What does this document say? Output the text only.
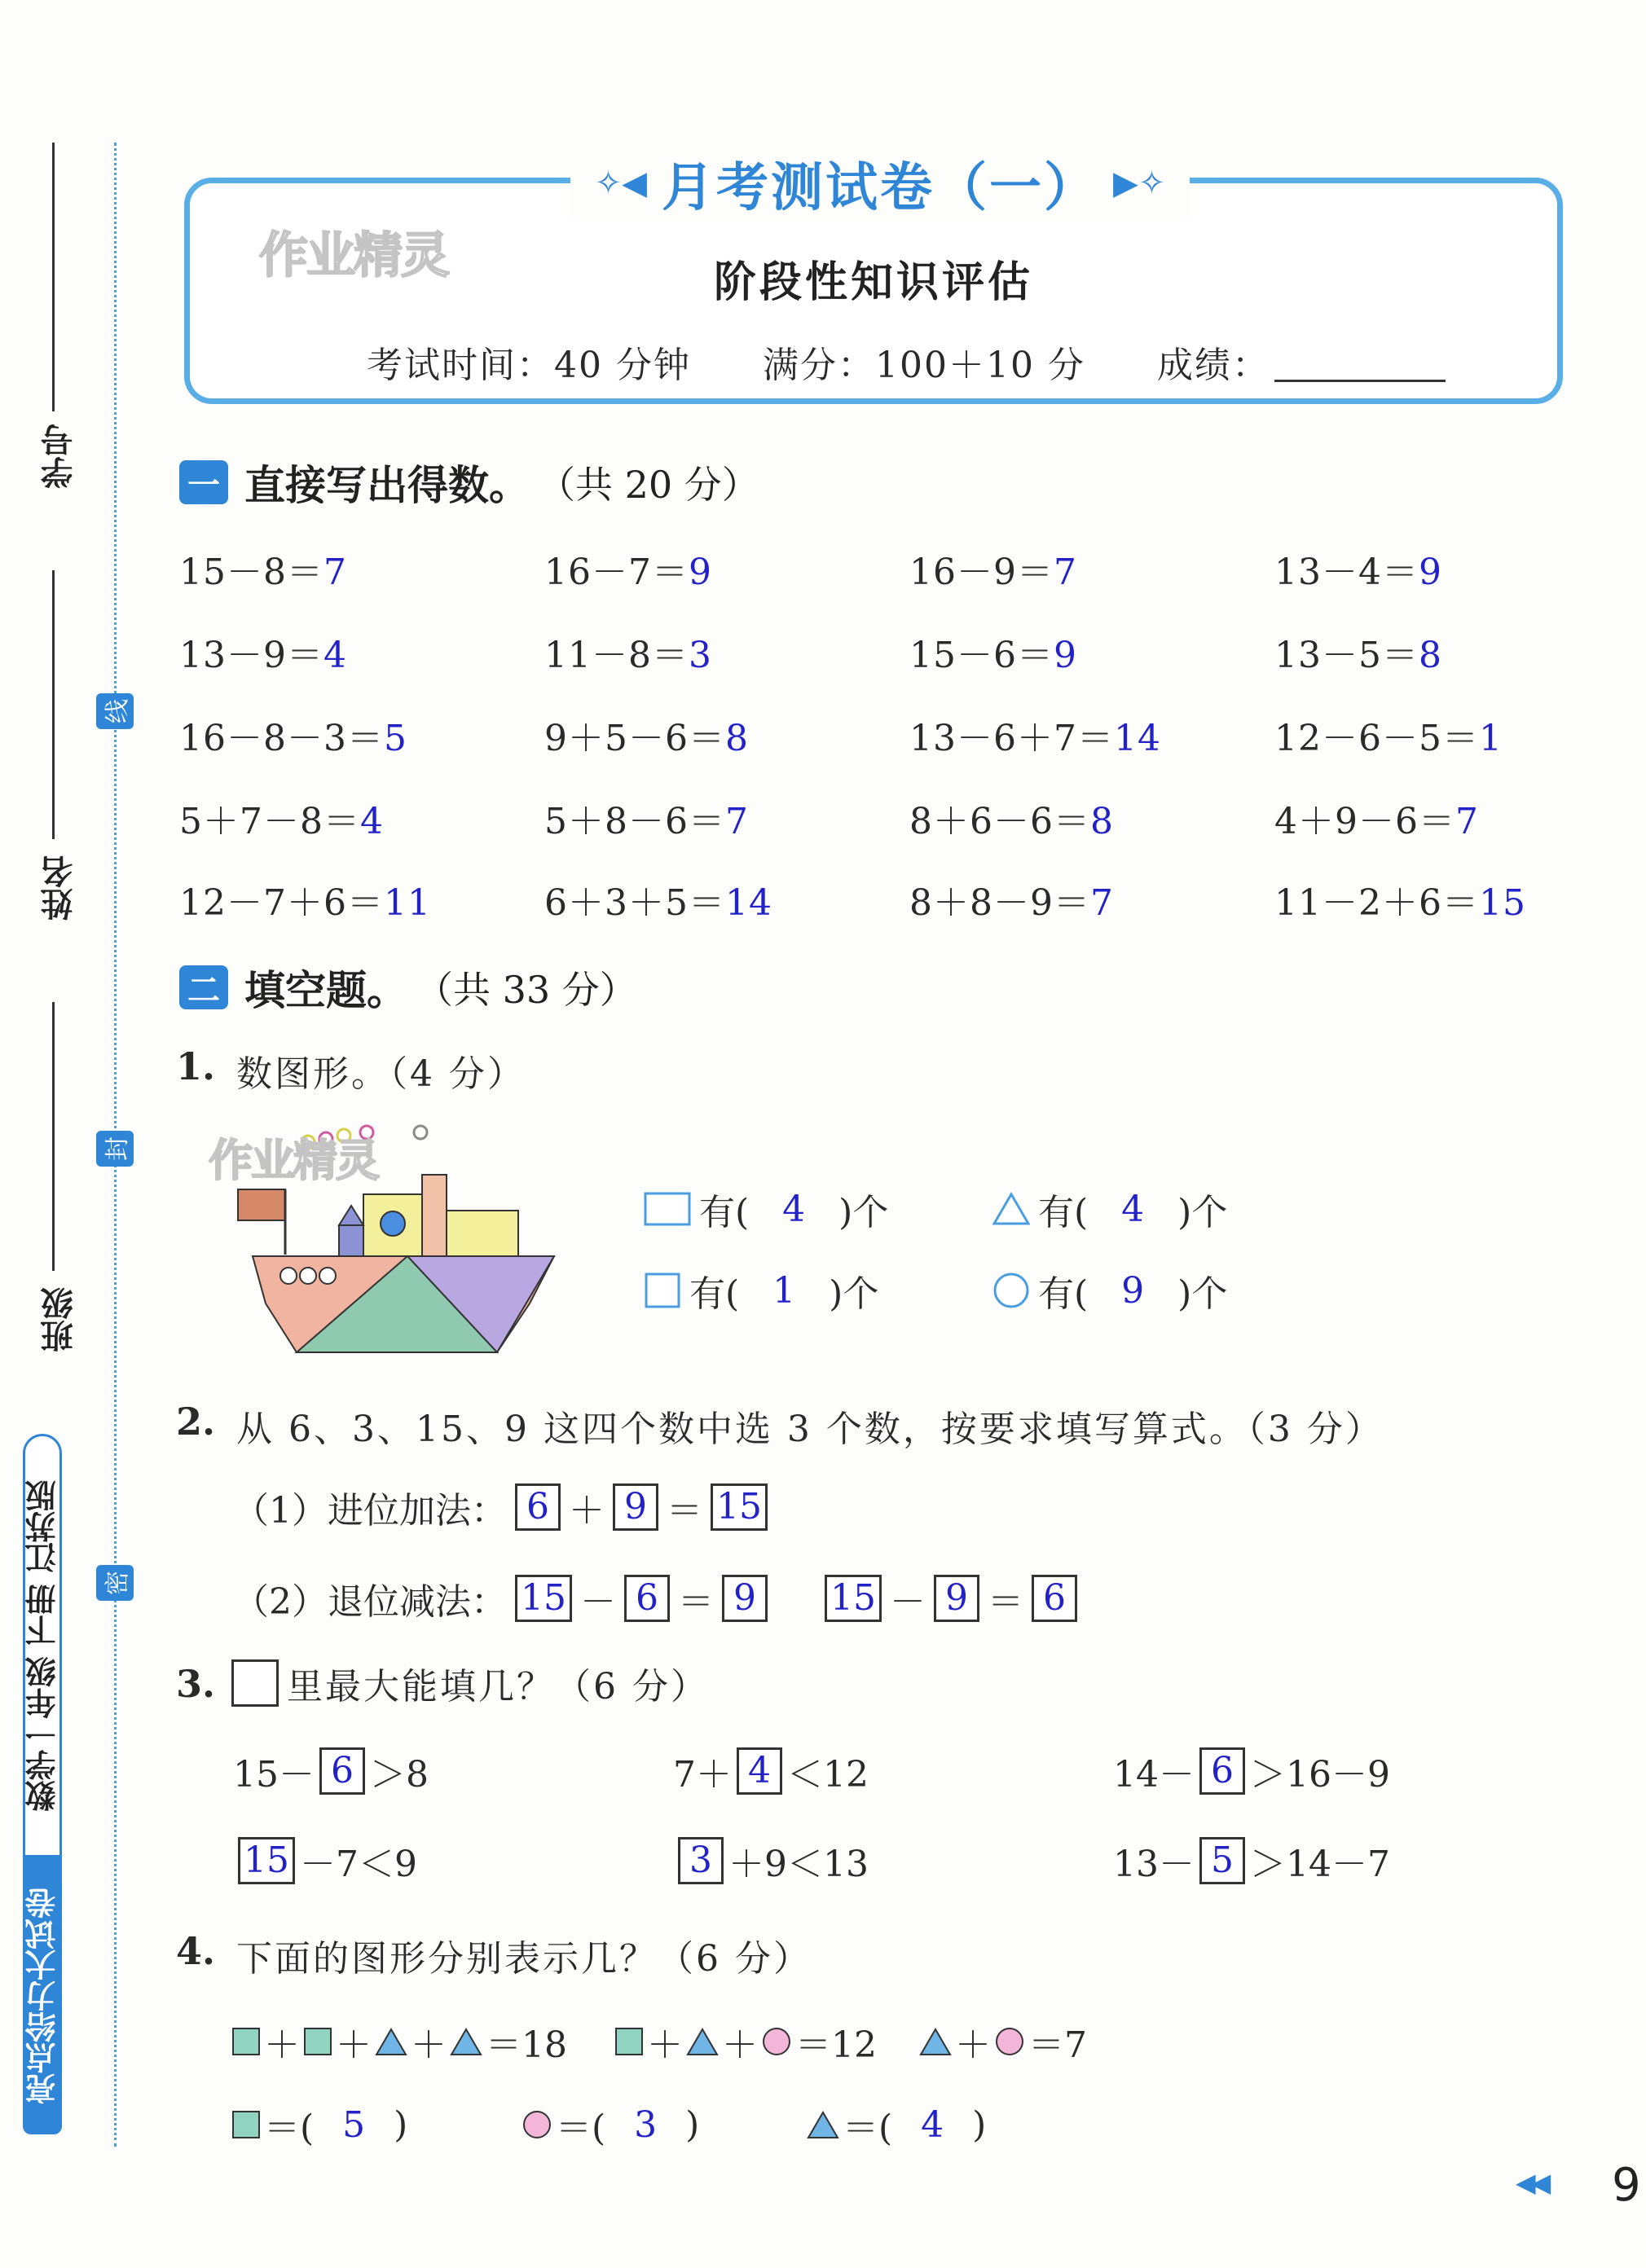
学号
姓名
班级
线
封
密
数学一年级 下册 江苏版
亮点给力大试卷
✧◀ 月考测试卷（一） ▶✧
作业精灵	阶段性知识评估
考试时间：40 分钟 满分：100＋10 分 成绩：
一 直接写出得数。 （共 20 分）
15－8＝7	16－7＝9	16－9＝7	13－4＝9
13－9＝4	11－8＝3	15－6＝9	13－5＝8
16－8－3＝5	9＋5－6＝8	13－6＋7＝14	12－6－5＝1
5＋7－8＝4	5＋8－6＝7	8＋6－6＝8	4＋9－6＝7
12－7＋6＝11	6＋3＋5＝14	8＋8－9＝7	11－2＋6＝15
二 填空题。 （共 33 分）
1. 数图形。（4 分）
作业精灵
有( 4 )个	有( 4 )个
有( 1 )个	有( 9 )个
2. 从 6、3、15、9 这四个数中选 3 个数，按要求填写算式。（3 分）
（1）进位加法： 6 ＋ 9 ＝ 15
（2）退位减法： 15 － 6 ＝ 9	15 － 9 ＝ 6
3. 里最大能填几？（6 分）
15－ 6 ＞8	7＋ 4 ＜12	14－ 6 ＞16－9
15 －7＜9	3 ＋9＜13	13－ 5 ＞14－7
4. 下面的图形分别表示几？（6 分）
＋ ＋ ＋ ＝18 ＋ ＋ ＝12 ＋ ＝7
＝( 5 )	＝( 3 )	＝( 4 )
◀◀ 9
